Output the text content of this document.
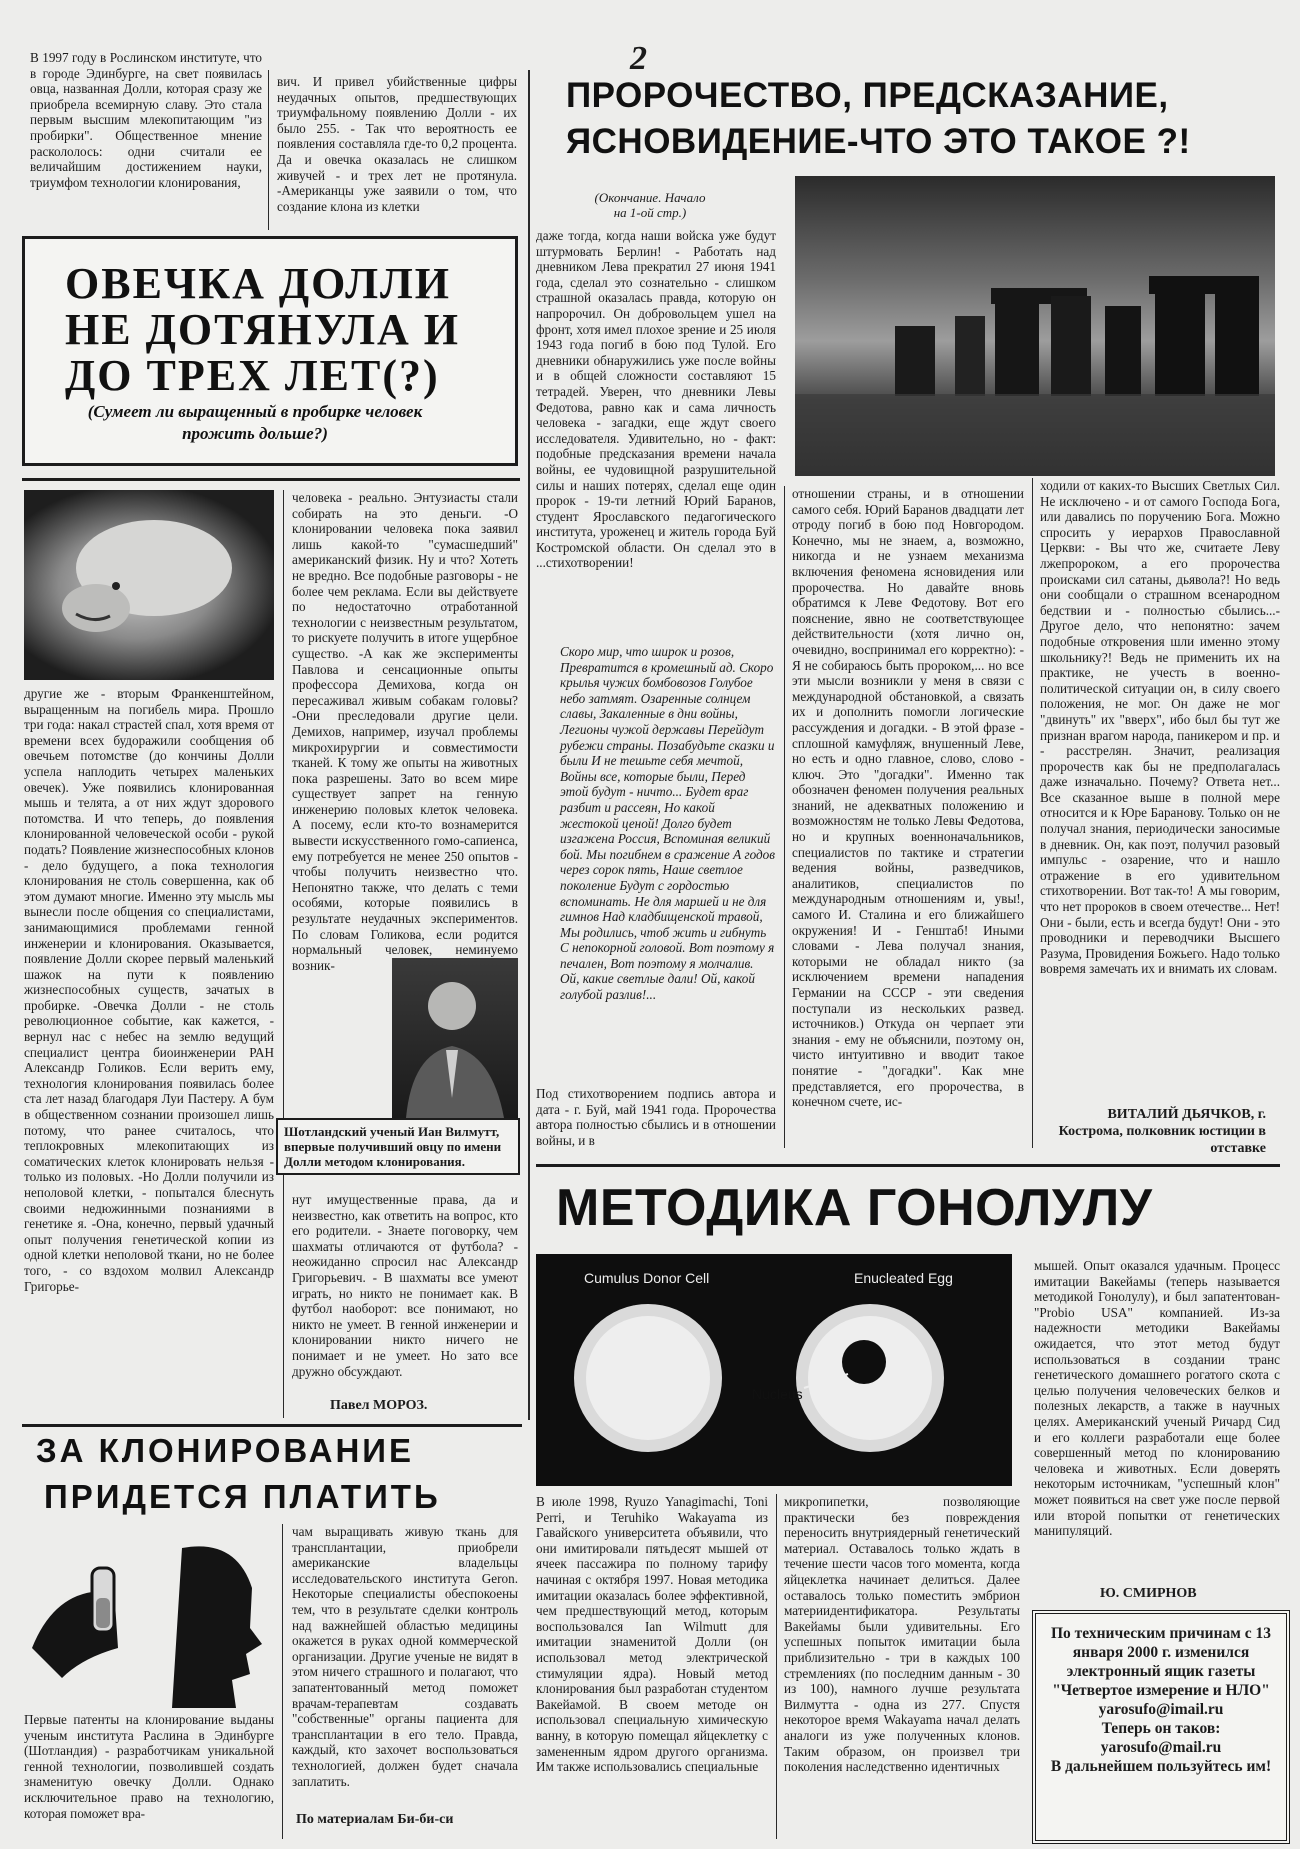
2

В 1997 году в Рослинском институте, что в городе Эдинбурге, на свет появилась овца, названная Долли, которая сразу же приобрела всемирную славу. Это стала первым высшим млекопитающим "из пробирки". Общественное мнение раскололось: одни считали ее величайшим достижением науки, триумфом технологии клонирования,

вич. И привел убийственные цифры неудачных опытов, предшествующих триумфальному появлению Долли - их было 255. - Так что вероятность ее появления составляла где-то 0,2 процента. Да и овечка оказалась не слишком живучей - и трех лет не протянула. -Американцы уже заявили о том, что создание клона из клетки

ОВЕЧКА ДОЛЛИ НЕ ДОТЯНУЛА И ДО ТРЕХ ЛЕТ(?)
(Сумеет ли выращенный в пробирке человек прожить дольше?)

другие же - вторым Франкенштейном, выращенным на погибель мира. Прошло три года: накал страстей спал, хотя время от времени всех будоражили сообщения об овечьем потомстве (до кончины Долли успела наплодить четырех маленьких овечек). Уже появились клонированная мышь и телята, а от них ждут здорового потомства. И что теперь, до появления клонированной человеческой особи - рукой подать? Появление жизнеспособных клонов - дело будущего, а пока технология клонирования не столь совершенна, как об этом думают многие. Именно эту мысль мы вынесли после общения со специалистами, занимающимися проблемами генной инженерии и клонирования. Оказывается, появление Долли скорее первый маленький шажок на пути к появлению жизнеспособных существ, зачатых в пробирке. -Овечка Долли - не столь революционное событие, как кажется, - вернул нас с небес на землю ведущий специалист центра биоинженерии РАН Александр Голиков. Если верить ему, технология клонирования появилась более ста лет назад благодаря Луи Пастеру. А бум в общественном сознании произошел лишь потому, что ранее считалось, что теплокровных млекопитающих из соматических клеток клонировать нельзя - только из половых. -Но Долли получили из неполовой клетки, - попытался блеснуть своими недюжинными познаниями в генетике я. -Она, конечно, первый удачный опыт получения генетической копии из одной клетки неполовой ткани, но не более того, - со вздохом молвил Александр Григорье-

человека - реально. Энтузиасты стали собирать на это деньги. -О клонировании человека пока заявил лишь какой-то "сумасшедший" американский физик. Ну и что? Хотеть не вредно. Все подобные разговоры - не более чем реклама. Если вы действуете по недостаточно отработанной технологии с неизвестным результатом, то рискуете получить в итоге ущербное существо. -А как же эксперименты Павлова и сенсационные опыты профессора Демихова, когда он пересаживал живым собакам головы? -Они преследовали другие цели. Демихов, например, изучал проблемы микрохирургии и совместимости тканей. К тому же опыты на животных пока разрешены. Зато во всем мире существует запрет на генную инженерию половых клеток человека. А посему, если кто-то вознамерится вывести искусственного гомо-сапиенса, ему потребуется не менее 250 опытов - чтобы получить неизвестно что. Непонятно также, что делать с теми особями, которые появились в результате неудачных экспериментов. По словам Голикова, если родится нормальный человек, неминуемо возник-

Шотландский ученый Иан Вилмутт, впервые получивший овцу по имени Долли методом клонирования.

нут имущественные права, да и неизвестно, как ответить на вопрос, кто его родители. - Знаете поговорку, чем шахматы отличаются от футбола? - неожиданно спросил нас Александр Григорьевич. - В шахматы все умеют играть, но никто не понимает как. В футбол наоборот: все понимают, но никто не умеет. В генной инженерии и клонировании никто ничего не понимает и не умеет. Но зато все дружно обсуждают.

Павел МОРОЗ.
ПРОРОЧЕСТВО, ПРЕДСКАЗАНИЕ,
ЯСНОВИДЕНИЕ-ЧТО ЭТО ТАКОЕ ?!
(Окончание. Начало на 1-ой стр.)

даже тогда, когда наши войска уже будут штурмовать Берлин! - Работать над дневником Лева прекратил 27 июня 1941 года, сделал это сознательно - слишком страшной оказалась правда, которую он напророчил. Он добровольцем ушел на фронт, хотя имел плохое зрение и 25 июля 1943 года погиб в бою под Тулой. Его дневники обнаружились уже после войны и в общей сложности составляют 15 тетрадей. Уверен, что дневники Левы Федотова, равно как и сама личность человека - загадки, еще ждут своего исследователя. Удивительно, но - факт: подобные предсказания времени начала войны, ее чудовищной разрушительной силы и наших потерях, сделал еще один пророк - 19-ти летний Юрий Баранов, студент Ярославского педагогического института, уроженец и житель города Буй Костромской области. Он сделал это в ...стихотворении!

Скоро мир, что широк и розов, Превратится в кромешный ад. Скоро крылья чужих бомбовозов Голубое небо затмят. Озаренные солнцем славы, Закаленные в дни войны, Легионы чужой державы Перейдут рубежи страны. Позабудьте сказки и были И не тешьте себя мечтой, Войны все, которые были, Перед этой будут - ничто... Будет враг разбит и рассеян, Но какой жестокой ценой! Долго будет изгажена Россия, Вспоминая великий бой. Мы погибнем в сражение А годов через сорок пять, Наше светлое поколение Будут с гордостью вспоминать. Не для маршей и не для гимнов Над кладбищенской травой, Мы родились, чтоб жить и гибнуть С непокорной головой. Вот поэтому я печален, Вот поэтому я молчалив. Ой, какие светлые дали! Ой, какой голубой разлив!...

Под стихотворением подпись автора и дата - г. Буй, май 1941 года. Пророчества автора полностью сбылись и в отношении войны, и в

отношении страны, и в отношении самого себя. Юрий Баранов двадцати лет отроду погиб в бою под Новгородом. Конечно, мы не знаем, а, возможно, никогда и не узнаем механизма включения феномена ясновидения или пророчества. Но давайте вновь обратимся к Леве Федотову. Вот его пояснение, явно не соответствующее действительности (хотя лично он, очевидно, воспринимал его корректно): - Я не собираюсь быть пророком,... но все эти мысли возникли у меня в связи с международной обстановкой, а связать их и дополнить помогли логические рассуждения и догадки. - В этой фразе - сплошной камуфляж, внушенный Леве, но есть и одно главное, слово, слово - ключ. Это "догадки". Именно так обозначен феномен получения реальных знаний, не адекватных положению и возможностям не только Левы Федотова, но и крупных военноначальников, специалистов по тактике и стратегии ведения войны, разведчиков, аналитиков, специалистов по международным отношениям и, увы!, самого И. Сталина и его ближайшего окружения! И - Генштаб! Иными словами - Лева получал знания, которыми не обладал никто (за исключением времени нападения Германии на СССР - эти сведения поступали из нескольких развед. источников.) Откуда он черпает эти знания - ему не объяснили, поэтому он, чисто интуитивно и вводит такое понятие - "догадки". Как мне представляется, его пророчества, в конечном счете, ис-

ходили от каких-то Высших Светлых Сил. Не исключено - и от самого Господа Бога, или давались по поручению Бога. Можно спросить у иерархов Православной Церкви: - Вы что же, считаете Леву лжепророком, а его пророчества происками сил сатаны, дьявола?! Но ведь они сообщали о страшном всенародном бедствии и - полностью сбылись...- Другое дело, что непонятно: зачем подобные откровения шли именно этому школьнику?! Ведь не применить их на практике, не учесть в военно-политической ситуации он, в силу своего положения, не мог. Он даже не мог "двинуть" их "вверх", ибо был бы тут же признан врагом народа, паникером и пр. и - расстрелян. Значит, реализация пророчеств как бы не предполагалась даже изначально. Почему? Ответа нет... Все сказанное выше в полной мере относится и к Юре Баранову. Только он не получал знания, периодически заносимые в дневник. Он, как поэт, получил разовый импульс - озарение, что и нашло отражение в его удивительном стихотворении. Вот так-то! А мы говорим, что нет пророков в своем отечестве... Нет! Они - были, есть и всегда будут! Они - это проводники и переводчики Высшего Разума, Провидения Божьего. Надо только вовремя замечать их и внимать их словам.

ВИТАЛИЙ ДЬЯЧКОВ, г. Кострома, полковник юстиции в отставке
МЕТОДИКА ГОНОЛУЛУ
Cumulus Donor Cell	Enucleated Egg
Nucleus

мышей. Опыт оказался удачным. Процесс имитации Вакейамы (теперь называется методикой Гонолулу), и был запатентован-"Probio USA" компанией. Из-за надежности методики Вакейамы ожидается, что этот метод будут использоваться в создании транс генетического домашнего рогатого скота с целью получения человеческих белков и полезных лекарств, а также в научных целях. Американский ученый Ричард Сид и его коллеги разработали еще более совершенный метод по клонированию человека и животных. Если доверять некоторым источникам, "успешный клон" может появиться на свет уже после первой или второй попытки от генетических манипуляций.

Ю. СМИРНОВ

В июле 1998, Ryuzo Yanagimachi, Toni Perri, и Teruhiko Wakayama из Гавайского университета объявили, что они имитировали пятьдесят мышей от ячеек пассажира по полному тарифу начиная с октября 1997. Новая методика имитации оказалась более эффективной, чем предшествующий метод, которым воспользовался Ian Wilmutt для имитации знаменитой Долли (он использовал метод электрической стимуляции ядра). Новый метод клонирования был разработан студентом Вакейамой. В своем методе он использовал специальную химическую ванну, в которую помещал яйцеклетку с замененным ядром другого организма. Им также использовались специальные

микропипетки, позволяющие практически без повреждения переносить внутриядерный генетический материал. Оставалось только ждать в течение шести часов того момента, когда яйцеклетка начинает делиться. Далее оставалось только поместить эмбрион материидентификатора. Результаты Вакейамы были удивительны. Его успешных попыток имитации была приблизительно - три в каждых 100 стремлениях (по последним данным - 30 из 100), намного лучше результата Вилмутта - одна из 277. Спустя некоторое время Wakayama начал делать аналоги из уже полученных клонов. Таким образом, он произвел три поколения наследственно идентичных

ЗА КЛОНИРОВАНИЕ
ПРИДЕТСЯ ПЛАТИТЬ

Первые патенты на клонирование выданы ученым института Раслина в Эдинбурге (Шотландия) - разработчикам уникальной генной технологии, позволившей создать знаменитую овечку Долли. Однако исключительное право на технологию, которая поможет вра-

чам выращивать живую ткань для трансплантации, приобрели американские владельцы исследовательского института Geron. Некоторые специалисты обеспокоены тем, что в результате сделки контроль над важнейшей областью медицины окажется в руках одной коммерческой организации. Другие ученые не видят в этом ничего страшного и полагают, что запатентованный метод поможет врачам-терапевтам создавать "собственные" органы пациента для трансплантации в его тело. Правда, каждый, кто захочет воспользоваться технологией, должен будет сначала заплатить.

По материалам Би-би-си
По техническим причинам с 13 января 2000 г. изменился электронный ящик газеты "Четвертое измерение и НЛО"
yarosufo@imail.ru
Теперь он таков:
yarosufo@mail.ru
В дальнейшем пользуйтесь им!
